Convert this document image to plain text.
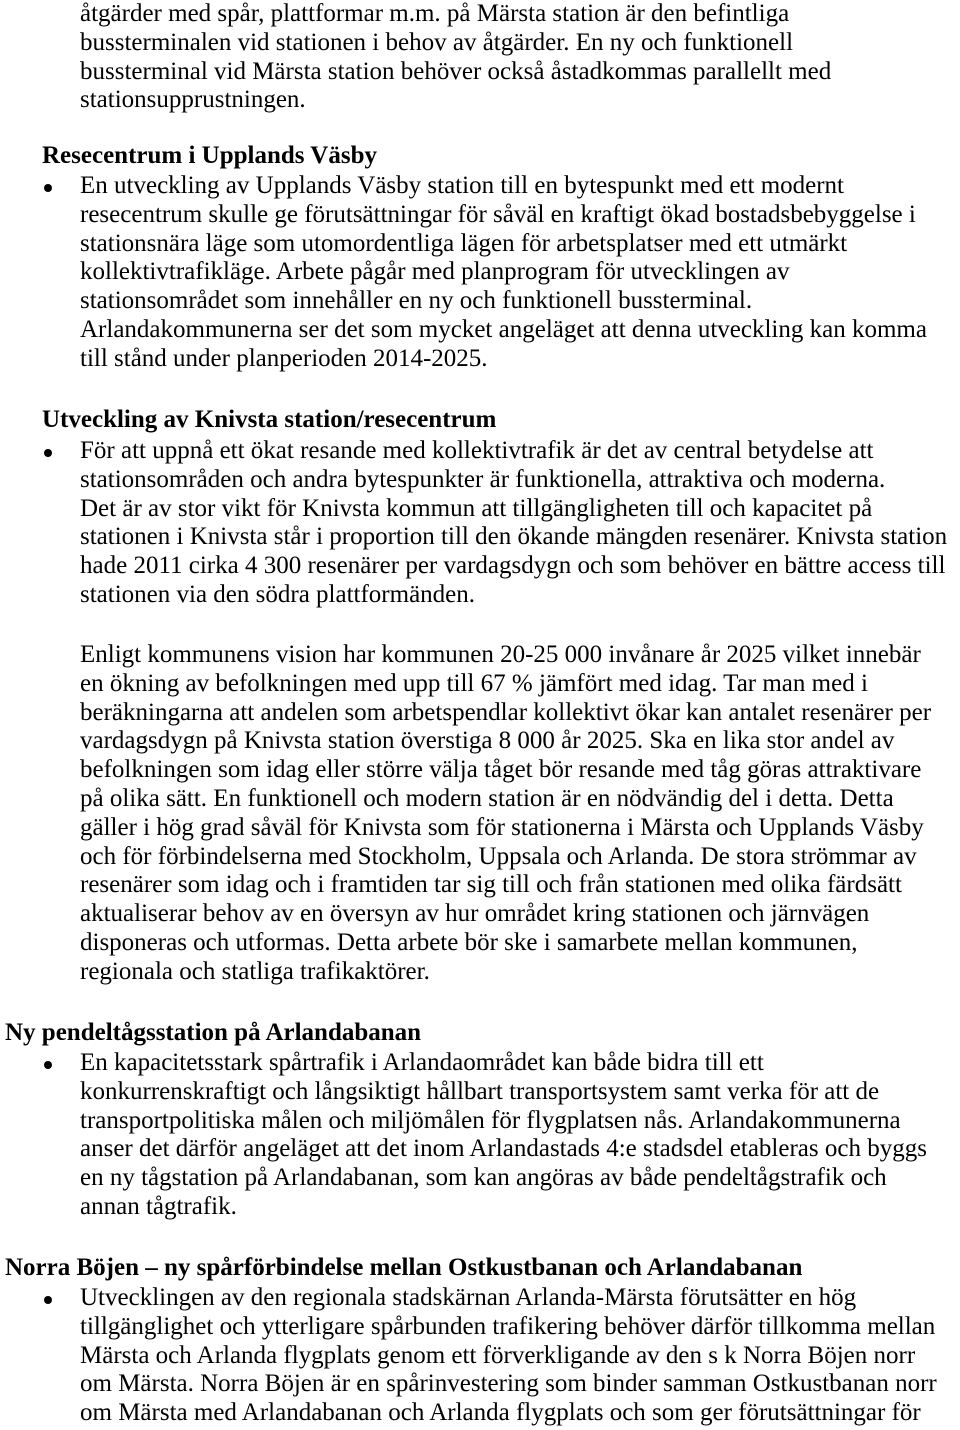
åtgärder med spår, plattformar m.m. på Märsta station är den befintliga
bussterminalen vid stationen i behov av åtgärder. En ny och funktionell
bussterminal vid Märsta station behöver också åstadkommas parallellt med
stationsupprustningen.
Resecentrum i Upplands Väsby
En utveckling av Upplands Väsby station till en bytespunkt med ett modernt
resecentrum skulle ge förutsättningar för såväl en kraftigt ökad bostadsbebyggelse i
stationsnära läge som utomordentliga lägen för arbetsplatser med ett utmärkt
kollektivtrafikläge. Arbete pågår med planprogram för utvecklingen av
stationsområdet som innehåller en ny och funktionell bussterminal.
Arlandakommunerna ser det som mycket angeläget att denna utveckling kan komma
till stånd under planperioden 2014-2025.
Utveckling av Knivsta station/resecentrum
För att uppnå ett ökat resande med kollektivtrafik är det av central betydelse att
stationsområden och andra bytespunkter är funktionella, attraktiva och moderna.
Det är av stor vikt för Knivsta kommun att tillgängligheten till och kapacitet på
stationen i Knivsta står i proportion till den ökande mängden resenärer. Knivsta station
hade 2011 cirka 4 300 resenärer per vardagsdygn och som behöver en bättre access till
stationen via den södra plattformänden.
Enligt kommunens vision har kommunen 20-25 000 invånare år 2025 vilket innebär
en ökning av befolkningen med upp till 67 % jämfört med idag. Tar man med i
beräkningarna att andelen som arbetspendlar kollektivt ökar kan antalet resenärer per
vardagsdygn på Knivsta station överstiga 8 000 år 2025. Ska en lika stor andel av
befolkningen som idag eller större välja tåget bör resande med tåg göras attraktivare
på olika sätt. En funktionell och modern station är en nödvändig del i detta. Detta
gäller i hög grad såväl för Knivsta som för stationerna i Märsta och Upplands Väsby
och för förbindelserna med Stockholm, Uppsala och Arlanda. De stora strömmar av
resenärer som idag och i framtiden tar sig till och från stationen med olika färdsätt
aktualiserar behov av en översyn av hur området kring stationen och järnvägen
disponeras och utformas. Detta arbete bör ske i samarbete mellan kommunen,
regionala och statliga trafikaktörer.
Ny pendeltågsstation på Arlandabanan
En kapacitetsstark spårtrafik i Arlandaområdet kan både bidra till ett
konkurrenskraftigt och långsiktigt hållbart transportsystem samt verka för att de
transportpolitiska målen och miljömålen för flygplatsen nås. Arlandakommunerna
anser det därför angeläget att det inom Arlandastads 4:e stadsdel etableras och byggs
en ny tågstation på Arlandabanan, som kan angöras av både pendeltågstrafik och
annan tågtrafik.
Norra Böjen – ny spårförbindelse mellan Ostkustbanan och Arlandabanan
Utvecklingen av den regionala stadskärnan Arlanda-Märsta förutsätter en hög
tillgänglighet och ytterligare spårbunden trafikering behöver därför tillkomma mellan
Märsta och Arlanda flygplats genom ett förverkligande av den s k Norra Böjen norr
om Märsta. Norra Böjen är en spårinvestering som binder samman Ostkustbanan norr
om Märsta med Arlandabanan och Arlanda flygplats och som ger förutsättningar för
